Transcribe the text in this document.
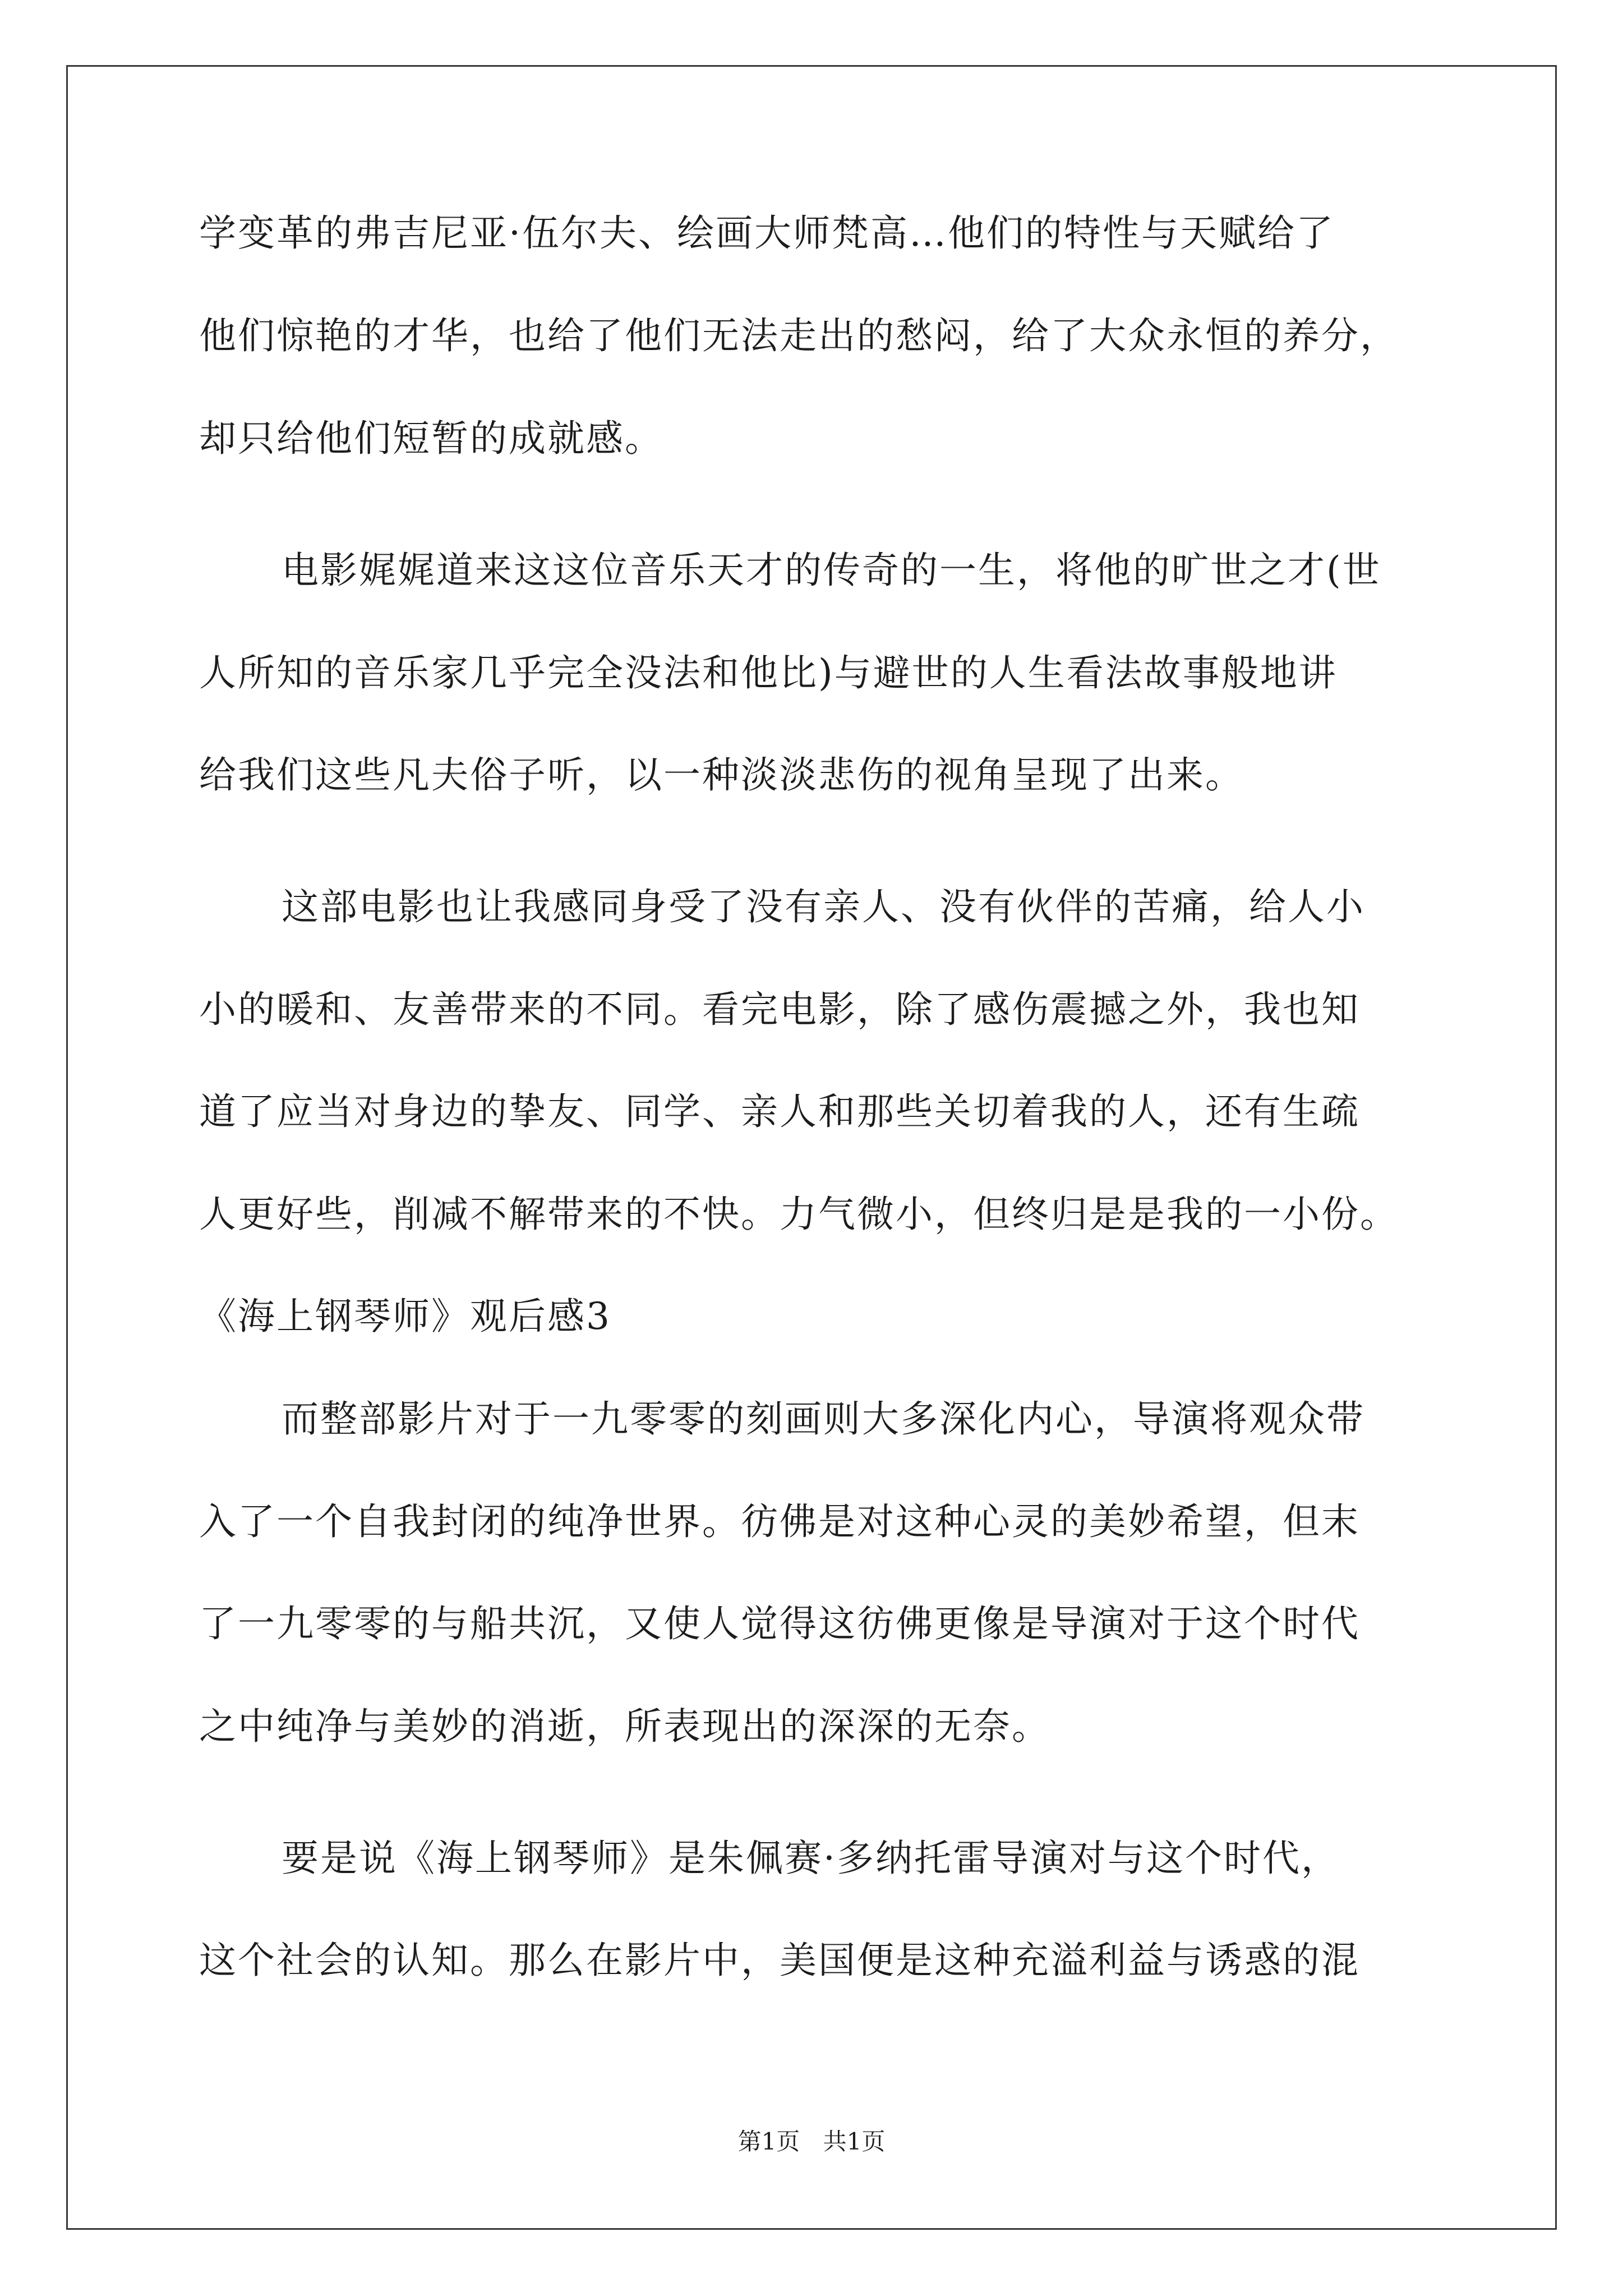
学变革的弗吉尼亚·伍尔夫、绘画大师梵高…他们的特性与天赋给了
他们惊艳的才华，也给了他们无法走出的愁闷，给了大众永恒的养分，
却只给他们短暂的成就感。
电影娓娓道来这这位音乐天才的传奇的一生，将他的旷世之才(世
人所知的音乐家几乎完全没法和他比)与避世的人生看法故事般地讲
给我们这些凡夫俗子听，以一种淡淡悲伤的视角呈现了出来。
这部电影也让我感同身受了没有亲人、没有伙伴的苦痛，给人小
小的暖和、友善带来的不同。看完电影，除了感伤震撼之外，我也知
道了应当对身边的挚友、同学、亲人和那些关切着我的人，还有生疏
人更好些，削减不解带来的不快。力气微小，但终归是是我的一小份。
《海上钢琴师》观后感3
而整部影片对于一九零零的刻画则大多深化内心，导演将观众带
入了一个自我封闭的纯净世界。彷佛是对这种心灵的美妙希望，但末
了一九零零的与船共沉，又使人觉得这彷佛更像是导演对于这个时代
之中纯净与美妙的消逝，所表现出的深深的无奈。
要是说《海上钢琴师》是朱佩赛·多纳托雷导演对与这个时代，
这个社会的认知。那么在影片中，美国便是这种充溢利益与诱惑的混
第1页 共1页
